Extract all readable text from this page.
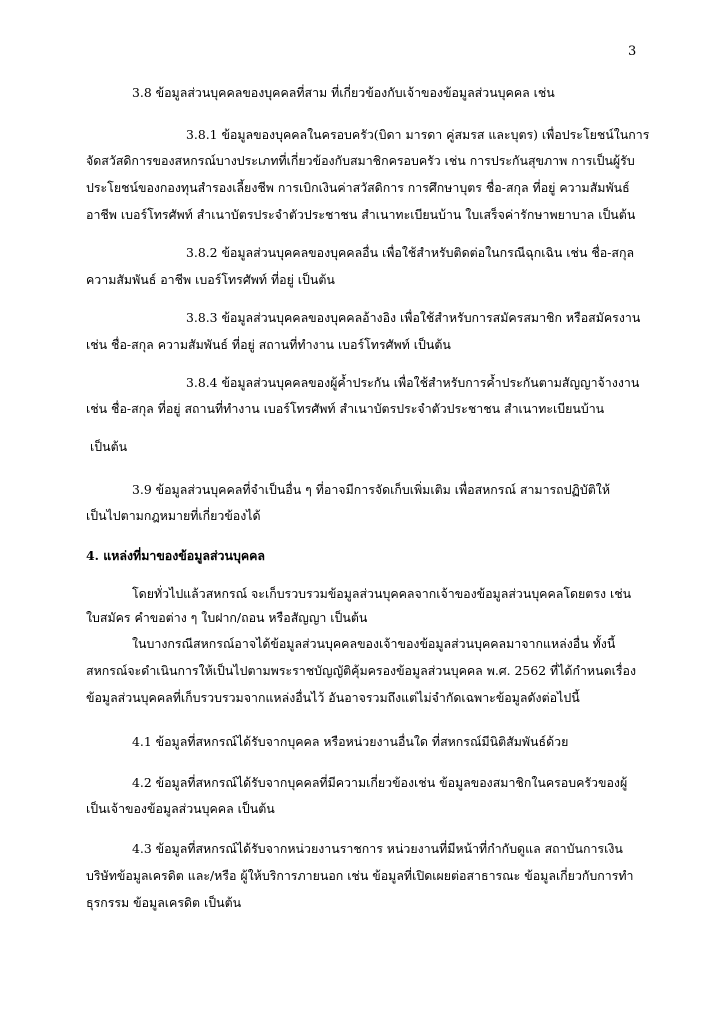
3
3.8 ข้อมูลส่วนบุคคลของบุคคลที่สาม ที่เกี่ยวข้องกับเจ้าของข้อมูลส่วนบุคคล เช่น
3.8.1 ข้อมูลของบุคคลในครอบครัว(บิดา มารดา คู่สมรส และบุตร) เพื่อประโยชน์ในการ
จัดสวัสดิการของสหกรณ์บางประเภทที่เกี่ยวข้องกับสมาชิกครอบครัว เช่น การประกันสุขภาพ การเป็นผู้รับ
ประโยชน์ของกองทุนสำรองเลี้ยงชีพ การเบิกเงินค่าสวัสดิการ การศึกษาบุตร ชื่อ-สกุล ที่อยู่ ความสัมพันธ์
อาชีพ เบอร์โทรศัพท์ สำเนาบัตรประจำตัวประชาชน สำเนาทะเบียนบ้าน ใบเสร็จค่ารักษาพยาบาล เป็นต้น
3.8.2 ข้อมูลส่วนบุคคลของบุคคลอื่น เพื่อใช้สำหรับติดต่อในกรณีฉุกเฉิน เช่น ชื่อ-สกุล
ความสัมพันธ์ อาชีพ เบอร์โทรศัพท์ ที่อยู่ เป็นต้น
3.8.3 ข้อมูลส่วนบุคคลของบุคคลอ้างอิง เพื่อใช้สำหรับการสมัครสมาชิก หรือสมัครงาน
เช่น ชื่อ-สกุล ความสัมพันธ์ ที่อยู่ สถานที่ทำงาน เบอร์โทรศัพท์ เป็นต้น
3.8.4 ข้อมูลส่วนบุคคลของผู้ค้ำประกัน เพื่อใช้สำหรับการค้ำประกันตามสัญญาจ้างงาน
เช่น ชื่อ-สกุล ที่อยู่ สถานที่ทำงาน เบอร์โทรศัพท์ สำเนาบัตรประจำตัวประชาชน สำเนาทะเบียนบ้าน
เป็นต้น
3.9 ข้อมูลส่วนบุคคลที่จำเป็นอื่น ๆ ที่อาจมีการจัดเก็บเพิ่มเติม เพื่อสหกรณ์ สามารถปฏิบัติให้
เป็นไปตามกฎหมายที่เกี่ยวข้องได้
4. แหล่งที่มาของข้อมูลส่วนบุคคล
โดยทั่วไปแล้วสหกรณ์ จะเก็บรวบรวมข้อมูลส่วนบุคคลจากเจ้าของข้อมูลส่วนบุคคลโดยตรง เช่น
ใบสมัคร คำขอต่าง ๆ ใบฝาก/ถอน หรือสัญญา เป็นต้น
ในบางกรณีสหกรณ์อาจได้ข้อมูลส่วนบุคคลของเจ้าของข้อมูลส่วนบุคคลมาจากแหล่งอื่น ทั้งนี้
สหกรณ์จะดำเนินการให้เป็นไปตามพระราชบัญญัติคุ้มครองข้อมูลส่วนบุคคล พ.ศ. 2562 ที่ได้กำหนดเรื่อง
ข้อมูลส่วนบุคคลที่เก็บรวบรวมจากแหล่งอื่นไว้ อันอาจรวมถึงแต่ไม่จำกัดเฉพาะข้อมูลดังต่อไปนี้
4.1 ข้อมูลที่สหกรณ์ได้รับจากบุคคล หรือหน่วยงานอื่นใด ที่สหกรณ์มีนิติสัมพันธ์ด้วย
4.2 ข้อมูลที่สหกรณ์ได้รับจากบุคคลที่มีความเกี่ยวข้องเช่น ข้อมูลของสมาชิกในครอบครัวของผู้
เป็นเจ้าของข้อมูลส่วนบุคคล เป็นต้น
4.3 ข้อมูลที่สหกรณ์ได้รับจากหน่วยงานราชการ หน่วยงานที่มีหน้าที่กำกับดูแล สถาบันการเงิน
บริษัทข้อมูลเครดิต และ/หรือ ผู้ให้บริการภายนอก เช่น ข้อมูลที่เปิดเผยต่อสาธารณะ ข้อมูลเกี่ยวกับการทำ
ธุรกรรม ข้อมูลเครดิต เป็นต้น
